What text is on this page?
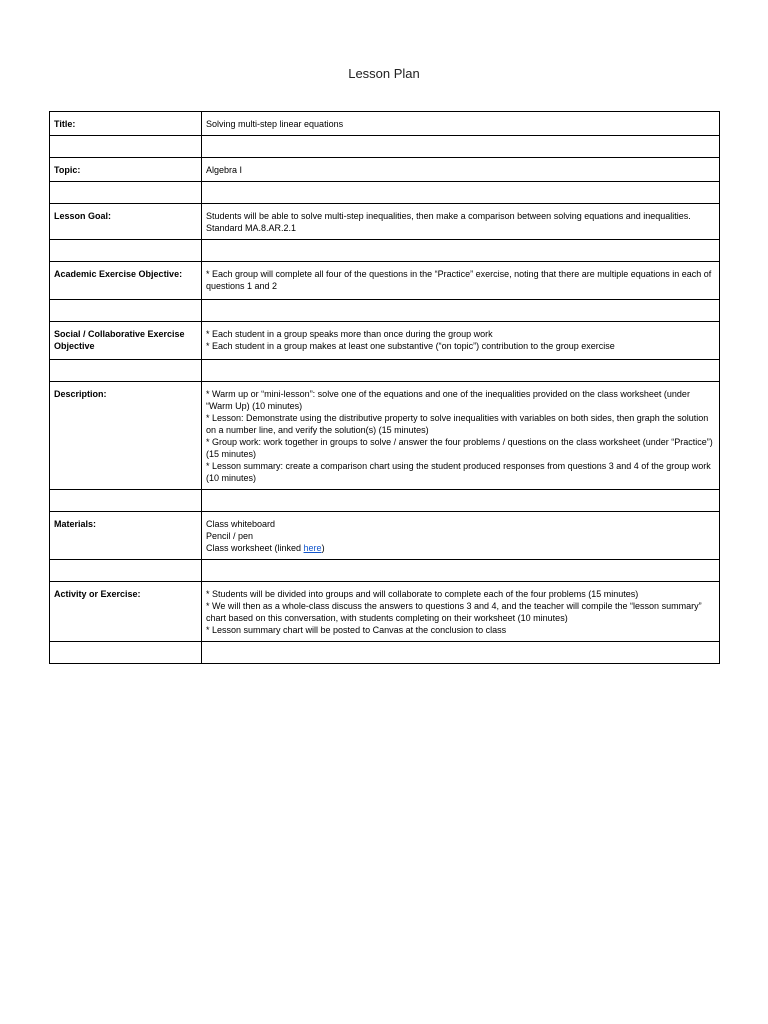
Lesson Plan
Title:	Solving multi-step linear equations

Topic:	Algebra I

Lesson Goal:	Students will be able to solve multi-step inequalities, then make a comparison between solving equations and inequalities. Standard MA.8.AR.2.1

Academic Exercise Objective:	* Each group will complete all four of the questions in the “Practice” exercise, noting that there are multiple equations in each of questions 1 and 2

Social / Collaborative Exercise Objective	* Each student in a group speaks more than once during the group work
* Each student in a group makes at least one substantive (“on topic”) contribution to the group exercise

Description:	* Warm up or “mini-lesson”: solve one of the equations and one of the inequalities provided on the class worksheet (under “Warm Up) (10 minutes)
* Lesson: Demonstrate using the distributive property to solve inequalities with variables on both sides, then graph the solution on a number line, and verify the solution(s) (15 minutes)
* Group work: work together in groups to solve / answer the four problems / questions on the class worksheet (under “Practice”) (15 minutes)
* Lesson summary: create a comparison chart using the student produced responses from questions 3 and 4 of the group work (10 minutes)

Materials:	Class whiteboard
Pencil / pen
Class worksheet (linked here)

Activity or Exercise:	* Students will be divided into groups and will collaborate to complete each of the four problems (15 minutes)
* We will then as a whole-class discuss the answers to questions 3 and 4, and the teacher will compile the “lesson summary” chart based on this conversation, with students completing on their worksheet (10 minutes)
* Lesson summary chart will be posted to Canvas at the conclusion to class
